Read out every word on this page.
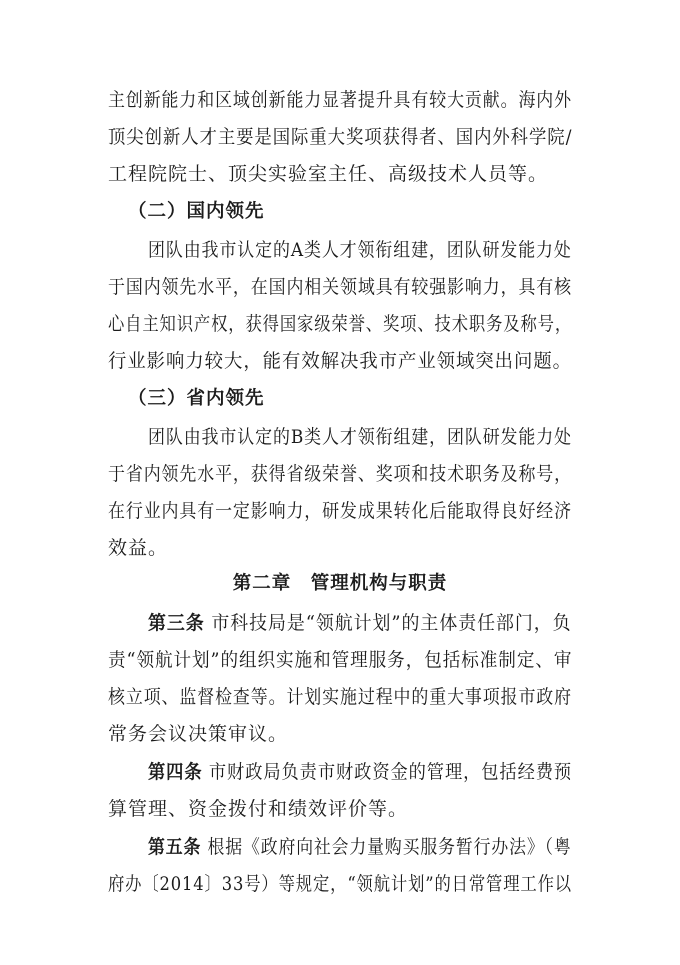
主创新能力和区域创新能力显著提升具有较大贡献。海内外
顶尖创新人才主要是国际重大奖项获得者、国内外科学院/
工程院院士、顶尖实验室主任、高级技术人员等。
（二）国内领先
团队由我市认定的A类人才领衔组建，团队研发能力处
于国内领先水平，在国内相关领域具有较强影响力，具有核
心自主知识产权，获得国家级荣誉、奖项、技术职务及称号，
行业影响力较大，能有效解决我市产业领域突出问题。
（三）省内领先
团队由我市认定的B类人才领衔组建，团队研发能力处
于省内领先水平，获得省级荣誉、奖项和技术职务及称号，
在行业内具有一定影响力，研发成果转化后能取得良好经济
效益。
第二章　管理机构与职责
第三条 市科技局是“领航计划”的主体责任部门，负
责“领航计划”的组织实施和管理服务，包括标准制定、审
核立项、监督检查等。计划实施过程中的重大事项报市政府
常务会议决策审议。
第四条 市财政局负责市财政资金的管理，包括经费预
算管理、资金拨付和绩效评价等。
第五条 根据《政府向社会力量购买服务暂行办法》（粤
府办〔2014〕33号）等规定，“领航计划”的日常管理工作以
